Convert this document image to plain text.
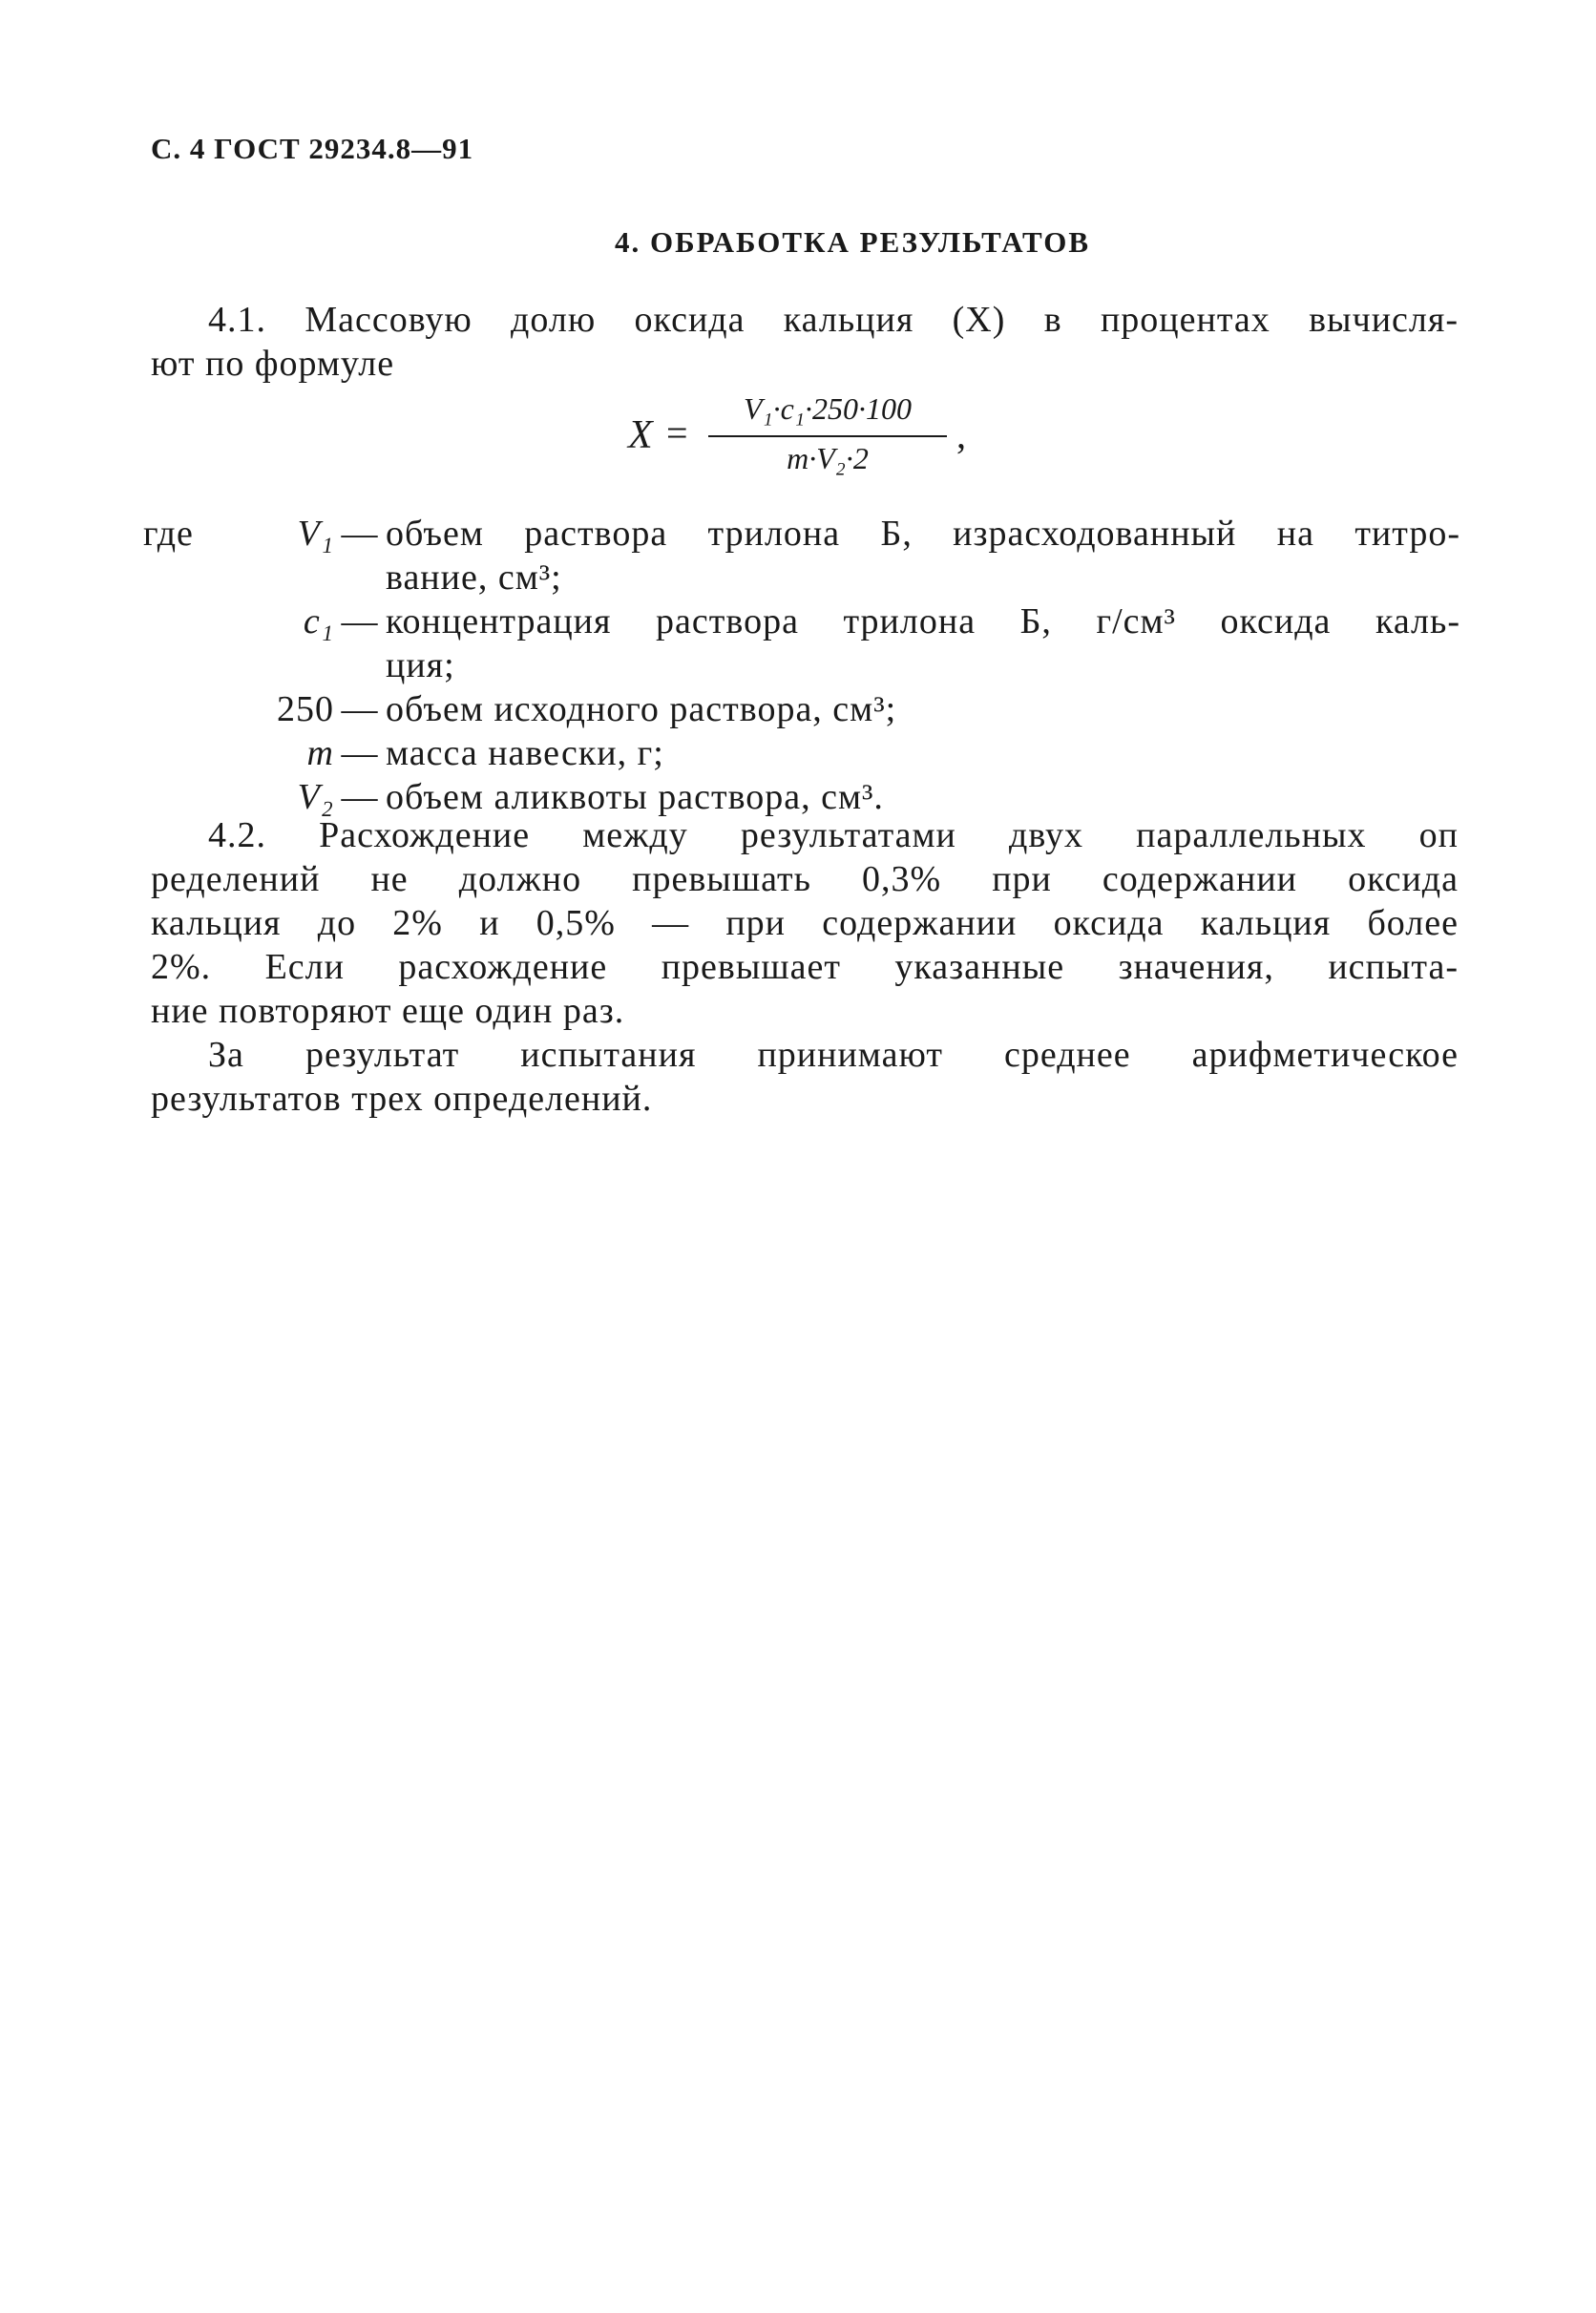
С. 4 ГОСТ 29234.8—91
4. ОБРАБОТКА РЕЗУЛЬТАТОВ
4.1. Массовую долю оксида кальция (X) в процентах вычисля-
ют по формуле
X =
V₁·c₁·250·100
m·V₂·2
,
где	V₁ — объем раствора трилона Б, израсходованный на титро-
вание, см³;
c₁ — концентрация раствора трилона Б, г/см³ оксида каль-
ция;
250 — объем исходного раствора, см³;
m — масса навески, г;
V₂ — объем аликвоты раствора, см³.
4.2. Расхождение между результатами двух параллельных оп
ределений не должно превышать 0,3% при содержании оксида
кальция до 2% и 0,5% — при содержании оксида кальция более
2%. Если расхождение превышает указанные значения, испыта-
ние повторяют еще один раз.
За результат испытания принимают среднее арифметическое
результатов трех определений.
